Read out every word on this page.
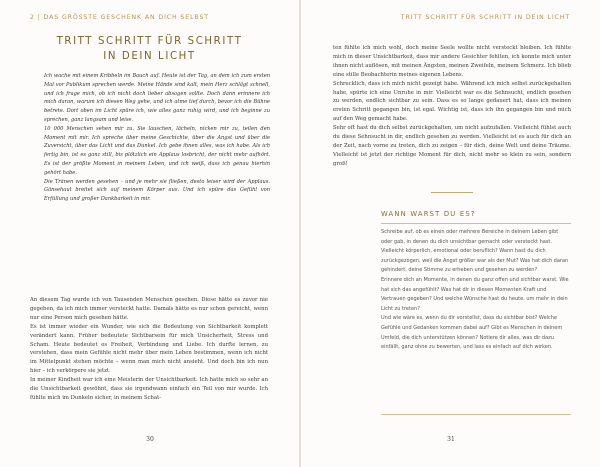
2 | DAS GRÖSSTE GESCHENK AN DICH SELBST
TRITT SCHRITT FÜR SCHRITT
IN DEIN LICHT

Ich wache mit einem Kribbeln im Bauch auf. Heute ist der Tag, an dem ich zum ersten Mal vor Publikum sprechen werde. Meine Hände sind kalt, mein Herz schlägt schnell, und ich frage mich, ob ich nicht doch lieber absagen sollte. Doch dann erinnere ich mich daran, warum ich diesen Weg gehe, und ich atme tief durch, bevor ich die Bühne betrete. Dort oben im Licht spüre ich, wie alles ganz ruhig wird, und ich beginne zu sprechen, ganz langsam und leise.

10 000 Menschen sehen mir zu. Sie lauschen, lächeln, nicken mir zu, teilen den Moment mit mir. Ich spreche über meine Geschichte, über die Angst und über die Zuversicht, über das Licht und das Dunkel. Ich gebe ihnen alles, was ich habe. Als ich fertig bin, ist es ganz still, bis plötzlich ein Applaus losbricht, der nicht mehr aufhört. Es ist der größte Moment in meinem Leben, und ich weiß, dass ich genau hierhin gehört habe.

Die Tränen werden gesehen – und je mehr sie fließen, desto leiser wird der Applaus. Gänsehaut breitet sich auf meinem Körper aus. Und ich spüre das Gefühl von Erfüllung und großer Dankbarkeit in mir.

An diesem Tag wurde ich von Tausenden Menschen gesehen. Diese hätte es zuvor nie gegeben, da ich mich immer versteckt hatte. Damals hätte es nur schon gereicht, wenn nur eine Person mich gesehen hätte.

Es ist immer wieder ein Wunder, wie sich die Bedeutung von Sichtbarkeit komplett verändert kann. Früher bedeutete Sichtbarsein für mich Unsicherheit, Stress und Scham. Heute bedeutet es Freiheit, Verbindung und Liebe. Ich durfte lernen, zu verstehen, dass mein Gefühle nicht mehr über mein Leben bestimmen, wenn ich nicht im Mittelpunkt stehen möchte – wenn man mich nicht ansieht. Und doch bin ich nun hier – ich verkörpere sie jetzt.

In meiner Kindheit war ich eine Meisterin der Unsichtbarkeit. Ich hatte mich so sehr an die Unsichtbarkeit gewöhnt, dass sie irgendwann einfach ein Teil von mir wurde. Ich fühlte mich im Dunkeln sicher, in meinem Schat-

30
TRITT SCHRITT FÜR SCHRITT IN DEIN LICHT

ten fühlte ich mich wohl, doch meine Seele wollte nicht versteckt bleiben. Ich fühlte mich in dieser Unsichtbarkeit, dass mir andere Gesichter fehlten, ich konnte mich unter ihnen nicht auflösen, mit meinen Ängsten, meinen Zweifeln, meinem Schmerz. Ich blieb eine stille Beobachterin meines eigenen Lebens.

Schrecklich, dass ich mich nicht gezeigt habe. Während ich mich selbst zurückgehalten habe, spürte ich eine Unruhe in mir. Vielleicht war es die Sehnsucht, endlich gesehen zu werden, endlich sichtbar zu sein. Dass es so lange gedauert hat, dass ich meinen ersten Schritt gegangen bin, ist egal. Wichtig ist, dass ich ihn gegangen bin und mich auf den Weg gemacht habe.

Sehr oft hast du dich selbst zurückgehalten, um nicht aufzufallen. Vielleicht fühlst auch du diese Sehnsucht in dir, endlich gesehen zu werden. Vielleicht ist es auch für dich an der Zeit, nach vorne zu treten, dich zu zeigen – für dich, deine Welt und deine Träume. Vielleicht ist jetzt der richtige Moment für dich, nicht mehr so klein zu sein, sondern groß!

WANN WARST DU ES?

Schreibe auf, ob es einen oder mehrere Bereiche in deinem Leben gibt oder gab, in denen du dich unsichtbar gemacht oder versteckt hast. Vielleicht körperlich, emotional oder beruflich? Wann hast du dich zurückgezogen, weil die Angst größer war als der Mut? Was hat dich daran gehindert, deine Stimme zu erheben und gesehen zu werden?

Erinnere dich an Momente, in denen du ganz offen und sichtbar warst. Wie hat sich das angefühlt? Was hat dir in diesen Momenten Kraft und Vertrauen gegeben? Und welche Wünsche hast du heute, um mehr in dein Licht zu treten?

Und wie wäre es, wenn du dir vorstellst, dass du sichtbar bist? Welche Gefühle und Gedanken kommen dabei auf? Gibt es Menschen in deinem Umfeld, die dich unterstützen können? Notiere dir alles, was dir dazu einfällt, ganz ohne zu bewerten, und lass es einfach auf dich wirken.

31
